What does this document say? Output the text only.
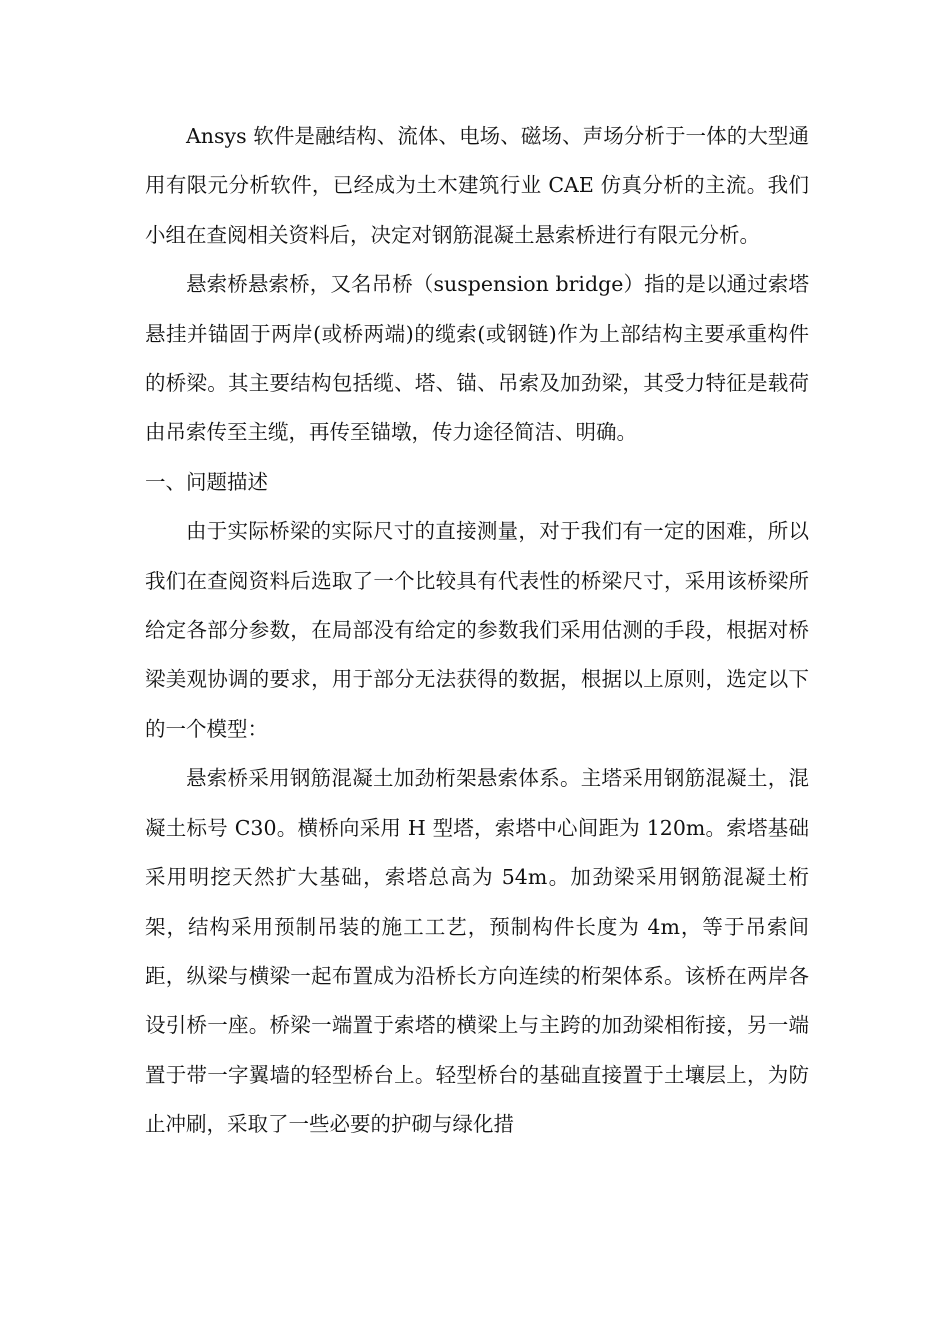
Ansys 软件是融结构、流体、电场、磁场、声场分析于一体的大型通用有限元分析软件，已经成为土木建筑行业 CAE 仿真分析的主流。我们小组在查阅相关资料后，决定对钢筋混凝土悬索桥进行有限元分析。

悬索桥悬索桥，又名吊桥（suspension bridge）指的是以通过索塔悬挂并锚固于两岸(或桥两端)的缆索(或钢链)作为上部结构主要承重构件的桥梁。其主要结构包括缆、塔、锚、吊索及加劲梁，其受力特征是载荷由吊索传至主缆，再传至锚墩，传力途径简洁、明确。

一、问题描述

由于实际桥梁的实际尺寸的直接测量，对于我们有一定的困难，所以我们在查阅资料后选取了一个比较具有代表性的桥梁尺寸，采用该桥梁所给定各部分参数，在局部没有给定的参数我们采用估测的手段，根据对桥梁美观协调的要求，用于部分无法获得的数据，根据以上原则，选定以下的一个模型：

悬索桥采用钢筋混凝土加劲桁架悬索体系。主塔采用钢筋混凝土，混凝土标号 C30。横桥向采用 H 型塔，索塔中心间距为 120m。索塔基础采用明挖天然扩大基础，索塔总高为 54m。加劲梁采用钢筋混凝土桁架，结构采用预制吊装的施工工艺，预制构件长度为 4m，等于吊索间距，纵梁与横梁一起布置成为沿桥长方向连续的桁架体系。该桥在两岸各设引桥一座。桥梁一端置于索塔的横梁上与主跨的加劲梁相衔接，另一端置于带一字翼墙的轻型桥台上。轻型桥台的基础直接置于土壤层上，为防止冲刷，采取了一些必要的护砌与绿化措
